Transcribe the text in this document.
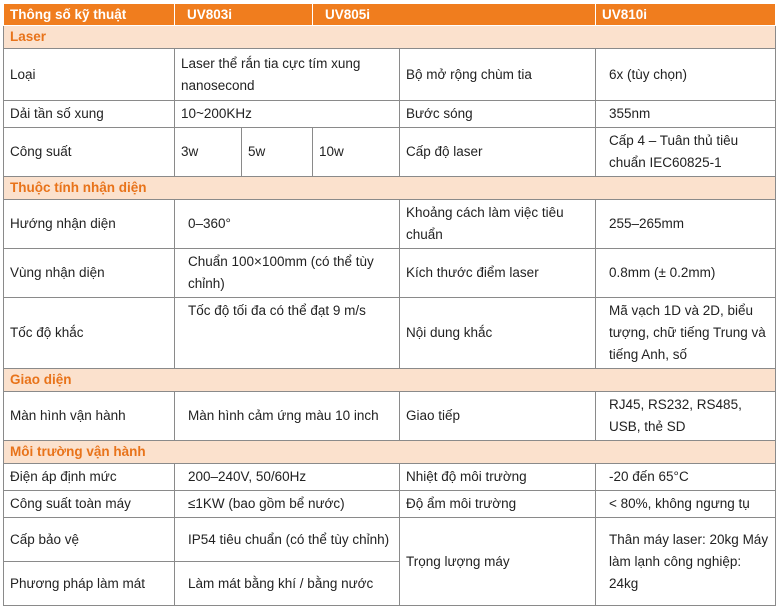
Thông số kỹ thuật	UV803i		UV805i		UV810i
Laser					
Loại	Laser thể rắn tia cực tím xung nanosecond			Bộ mở rộng chùm tia	6x (tùy chọn)
Dải tần số xung	10~200KHz			Bước sóng	355nm
Công suất	3w	5w	10w	Cấp độ laser	Cấp 4 – Tuân thủ tiêu chuẩn IEC60825-1
Thuộc tính nhận diện					
Hướng nhận diện	0–360°			Khoảng cách làm việc tiêu chuẩn	255–265mm
Vùng nhận diện	Chuẩn 100×100mm (có thể tùy chỉnh)			Kích thước điểm laser	0.8mm (± 0.2mm)
Tốc độ khắc	Tốc độ tối đa có thể đạt 9 m/s			Nội dung khắc	Mã vạch 1D và 2D, biểu tượng, chữ tiếng Trung và tiếng Anh, số
Giao diện					
Màn hình vận hành	Màn hình cảm ứng màu 10 inch			Giao tiếp	RJ45, RS232, RS485, USB, thẻ SD
Môi trường vận hành					
Điện áp định mức	200–240V, 50/60Hz			Nhiệt độ môi trường	-20 đến 65°C
Công suất toàn máy	≤1KW (bao gồm bể nước)			Độ ẩm môi trường	< 80%, không ngưng tụ
Cấp bảo vệ	IP54 tiêu chuẩn (có thể tùy chỉnh)			Trọng lượng máy	Thân máy laser: 20kg Máy làm lạnh công nghiệp: 24kg
Phương pháp làm mát	Làm mát bằng khí / bằng nước				
